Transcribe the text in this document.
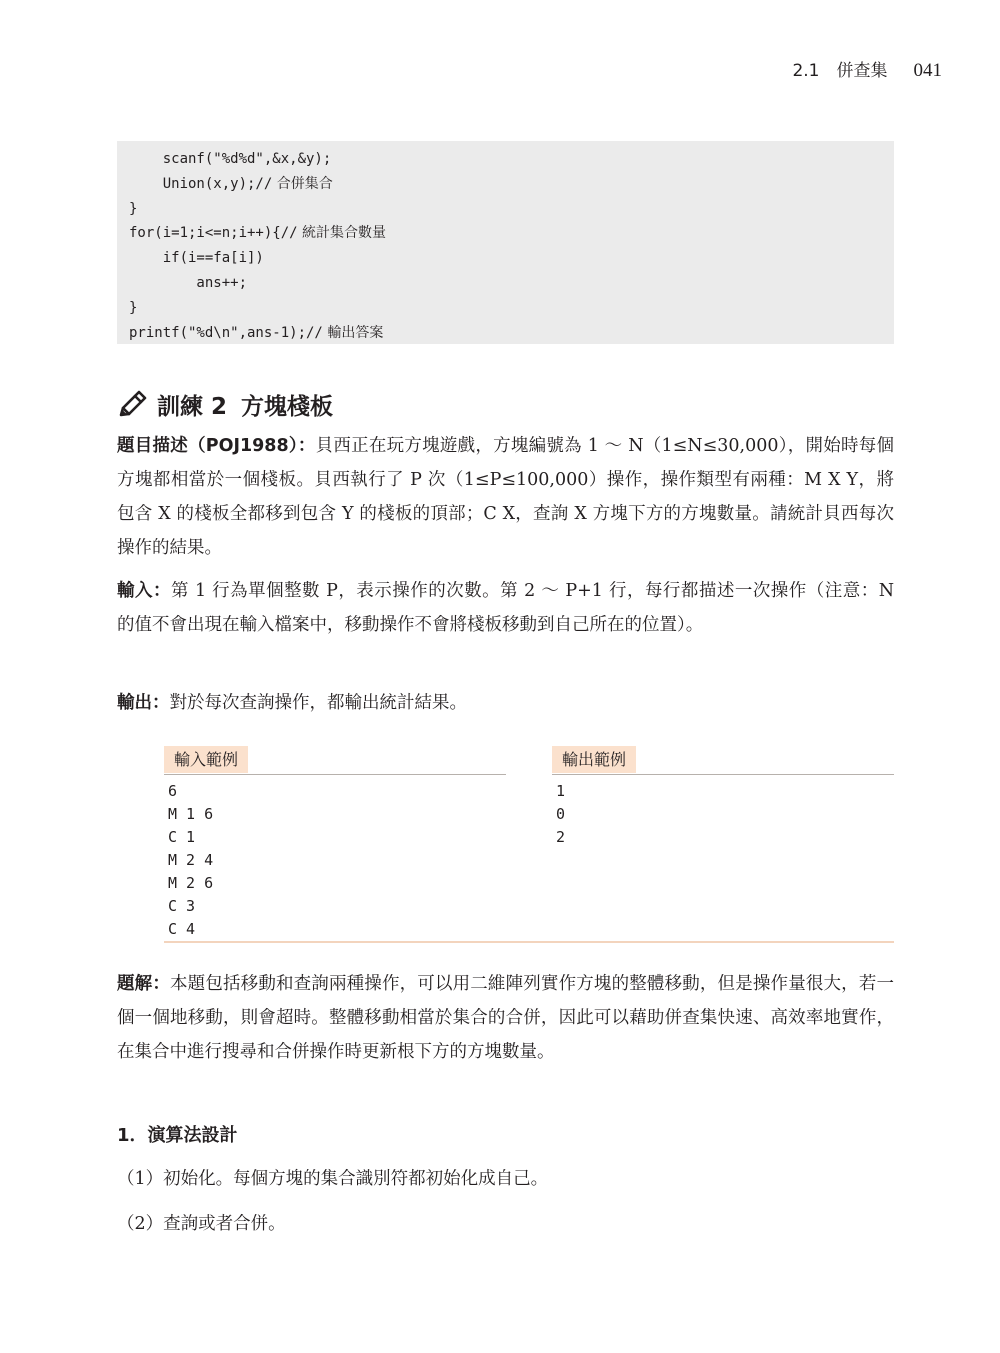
2.1　併查集 041
scanf("%d%d",&x,&y);
Union(x,y);// 合併集合
}
for(i=1;i<=n;i++){// 統計集合數量
if(i==fa[i])
ans++;
}
printf("%d\n",ans-1);// 輸出答案
訓練 2 方塊棧板
題目描述（POJ1988）：貝西正在玩方塊遊戲，方塊編號為 1 ～ N（1≤N≤30,000），開始時每個方塊都相當於一個棧板。貝西執行了 P 次（1≤P≤100,000）操作，操作類型有兩種：M X Y，將包含 X 的棧板全都移到包含 Y 的棧板的頂部；C X，查詢 X 方塊下方的方塊數量。請統計貝西每次操作的結果。
輸入：第 1 行為單個整數 P，表示操作的次數。第 2 ～ P+1 行，每行都描述一次操作（注意：N 的值不會出現在輸入檔案中，移動操作不會將棧板移動到自己所在的位置）。
輸出：對於每次查詢操作，都輸出統計結果。
輸入範例
6
M 1 6
C 1
M 2 4
M 2 6
C 3
C 4
輸出範例
1
0
2
題解：本題包括移動和查詢兩種操作，可以用二維陣列實作方塊的整體移動，但是操作量很大，若一個一個地移動，則會超時。整體移動相當於集合的合併，因此可以藉助併查集快速、高效率地實作，在集合中進行搜尋和合併操作時更新根下方的方塊數量。
1．演算法設計
（1）初始化。每個方塊的集合識別符都初始化成自己。
（2）查詢或者合併。
